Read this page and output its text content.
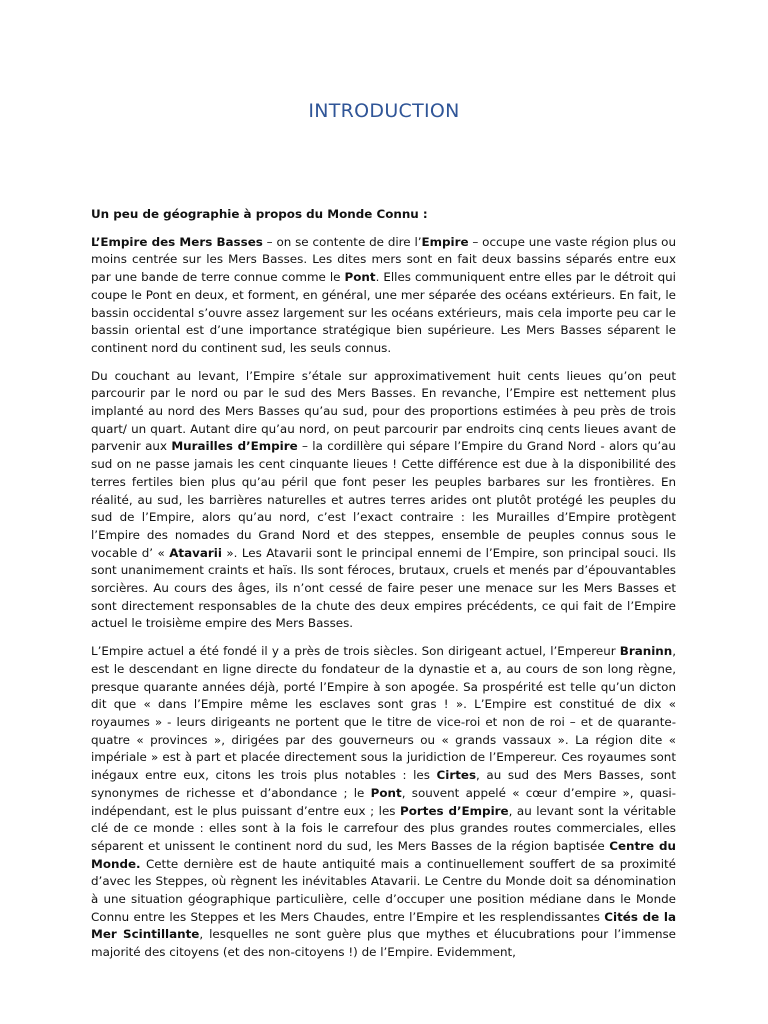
INTRODUCTION

Un peu de géographie à propos du Monde Connu :

L’Empire des Mers Basses – on se contente de dire l’Empire – occupe une vaste région plus ou moins centrée sur les Mers Basses. Les dites mers sont en fait deux bassins séparés entre eux par une bande de terre connue comme le Pont. Elles communiquent entre elles par le détroit qui coupe le Pont en deux, et forment, en général, une mer séparée des océans extérieurs. En fait, le bassin occidental s’ouvre assez largement sur les océans extérieurs, mais cela importe peu car le bassin oriental est d’une importance stratégique bien supérieure. Les Mers Basses séparent le continent nord du continent sud, les seuls connus.

Du couchant au levant, l’Empire s’étale sur approximativement huit cents lieues qu’on peut parcourir par le nord ou par le sud des Mers Basses. En revanche, l’Empire est nettement plus implanté au nord des Mers Basses qu’au sud, pour des proportions estimées à peu près de trois quart/ un quart. Autant dire qu’au nord, on peut parcourir par endroits cinq cents lieues avant de parvenir aux Murailles d’Empire – la cordillère qui sépare l’Empire du Grand Nord - alors qu’au sud on ne passe jamais les cent cinquante lieues ! Cette différence est due à la disponibilité des terres fertiles bien plus qu’au péril que font peser les peuples barbares sur les frontières. En réalité, au sud, les barrières naturelles et autres terres arides ont plutôt protégé les peuples du sud de l’Empire, alors qu’au nord, c’est l’exact contraire : les Murailles d’Empire protègent l’Empire des nomades du Grand Nord et des steppes, ensemble de peuples connus sous le vocable d’ « Atavarii ». Les Atavarii sont le principal ennemi de l’Empire, son principal souci. Ils sont unanimement craints et haïs. Ils sont féroces, brutaux, cruels et menés par d’épouvantables sorcières. Au cours des âges, ils n’ont cessé de faire peser une menace sur les Mers Basses et sont directement responsables de la chute des deux empires précédents, ce qui fait de l’Empire actuel le troisième empire des Mers Basses.

L’Empire actuel a été fondé il y a près de trois siècles. Son dirigeant actuel, l’Empereur Braninn, est le descendant en ligne directe du fondateur de la dynastie et a, au cours de son long règne, presque quarante années déjà, porté l’Empire à son apogée. Sa prospérité est telle qu’un dicton dit que « dans l’Empire même les esclaves sont gras ! ». L’Empire est constitué de dix « royaumes » - leurs dirigeants ne portent que le titre de vice-roi et non de roi – et de quarante-quatre « provinces », dirigées par des gouverneurs ou « grands vassaux ». La région dite « impériale » est à part et placée directement sous la juridiction de l’Empereur. Ces royaumes sont inégaux entre eux, citons les trois plus notables : les Cirtes, au sud des Mers Basses, sont synonymes de richesse et d’abondance ; le Pont, souvent appelé « cœur d’empire », quasi-indépendant, est le plus puissant d’entre eux ; les Portes d’Empire, au levant sont la véritable clé de ce monde : elles sont à la fois le carrefour des plus grandes routes commerciales, elles séparent et unissent le continent nord du sud, les Mers Basses de la région baptisée Centre du Monde. Cette dernière est de haute antiquité mais a continuellement souffert de sa proximité d’avec les Steppes, où règnent les inévitables Atavarii. Le Centre du Monde doit sa dénomination à une situation géographique particulière, celle d’occuper une position médiane dans le Monde Connu entre les Steppes et les Mers Chaudes, entre l’Empire et les resplendissantes Cités de la Mer Scintillante, lesquelles ne sont guère plus que mythes et élucubrations pour l’immense majorité des citoyens (et des non-citoyens !) de l’Empire. Evidemment,
